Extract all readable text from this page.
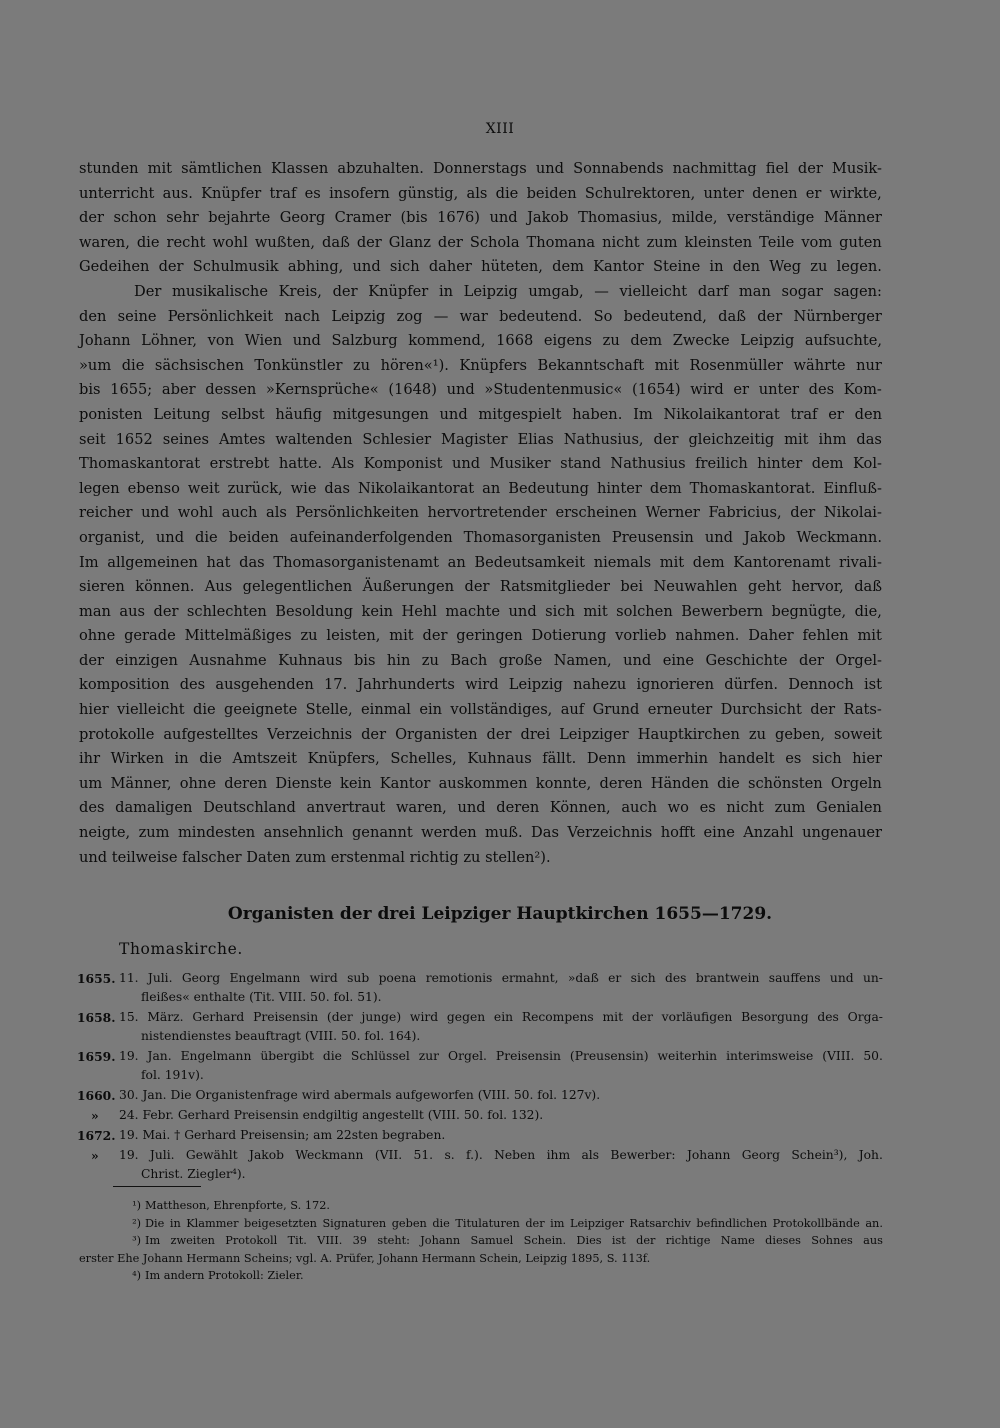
XIII
stunden mit sämtlichen Klassen abzuhalten. Donnerstags und Sonnabends nachmittag fiel der Musik-
unterricht aus. Knüpfer traf es insofern günstig, als die beiden Schulrektoren, unter denen er wirkte,
der schon sehr bejahrte Georg Cramer (bis 1676) und Jakob Thomasius, milde, verständige Männer
waren, die recht wohl wußten, daß der Glanz der Schola Thomana nicht zum kleinsten Teile vom guten
Gedeihen der Schulmusik abhing, und sich daher hüteten, dem Kantor Steine in den Weg zu legen.
Der musikalische Kreis, der Knüpfer in Leipzig umgab, — vielleicht darf man sogar sagen:
den seine Persönlichkeit nach Leipzig zog — war bedeutend. So bedeutend, daß der Nürnberger
Johann Löhner, von Wien und Salzburg kommend, 1668 eigens zu dem Zwecke Leipzig aufsuchte,
»um die sächsischen Tonkünstler zu hören«¹). Knüpfers Bekanntschaft mit Rosenmüller währte nur
bis 1655; aber dessen »Kernsprüche« (1648) und »Studentenmusic« (1654) wird er unter des Kom-
ponisten Leitung selbst häufig mitgesungen und mitgespielt haben. Im Nikolaikantorat traf er den
seit 1652 seines Amtes waltenden Schlesier Magister Elias Nathusius, der gleichzeitig mit ihm das
Thomaskantorat erstrebt hatte. Als Komponist und Musiker stand Nathusius freilich hinter dem Kol-
legen ebenso weit zurück, wie das Nikolaikantorat an Bedeutung hinter dem Thomaskantorat. Einfluß-
reicher und wohl auch als Persönlichkeiten hervortretender erscheinen Werner Fabricius, der Nikolai-
organist, und die beiden aufeinanderfolgenden Thomasorganisten Preusensin und Jakob Weckmann.
Im allgemeinen hat das Thomasorganistenamt an Bedeutsamkeit niemals mit dem Kantorenamt rivali-
sieren können. Aus gelegentlichen Äußerungen der Ratsmitglieder bei Neuwahlen geht hervor, daß
man aus der schlechten Besoldung kein Hehl machte und sich mit solchen Bewerbern begnügte, die,
ohne gerade Mittelmäßiges zu leisten, mit der geringen Dotierung vorlieb nahmen. Daher fehlen mit
der einzigen Ausnahme Kuhnaus bis hin zu Bach große Namen, und eine Geschichte der Orgel-
komposition des ausgehenden 17. Jahrhunderts wird Leipzig nahezu ignorieren dürfen. Dennoch ist
hier vielleicht die geeignete Stelle, einmal ein vollständiges, auf Grund erneuter Durchsicht der Rats-
protokolle aufgestelltes Verzeichnis der Organisten der drei Leipziger Hauptkirchen zu geben, soweit
ihr Wirken in die Amtszeit Knüpfers, Schelles, Kuhnaus fällt. Denn immerhin handelt es sich hier
um Männer, ohne deren Dienste kein Kantor auskommen konnte, deren Händen die schönsten Orgeln
des damaligen Deutschland anvertraut waren, und deren Können, auch wo es nicht zum Genialen
neigte, zum mindesten ansehnlich genannt werden muß. Das Verzeichnis hofft eine Anzahl ungenauer
und teilweise falscher Daten zum erstenmal richtig zu stellen²).
Organisten der drei Leipziger Hauptkirchen 1655—1729.
Thomaskirche.
1655. 11. Juli. Georg Engelmann wird sub poena remotionis ermahnt, »daß er sich des brantwein sauffens und un-
fleißes« enthalte (Tit. VIII. 50. fol. 51).
1658. 15. März. Gerhard Preisensin (der junge) wird gegen ein Recompens mit der vorläufigen Besorgung des Orga-
nistendienstes beauftragt (VIII. 50. fol. 164).
1659. 19. Jan. Engelmann übergibt die Schlüssel zur Orgel. Preisensin (Preusensin) weiterhin interimsweise (VIII. 50.
fol. 191v).
1660. 30. Jan. Die Organistenfrage wird abermals aufgeworfen (VIII. 50. fol. 127v).
»	24. Febr. Gerhard Preisensin endgiltig angestellt (VIII. 50. fol. 132).
1672. 19. Mai. † Gerhard Preisensin; am 22sten begraben.
»	19. Juli. Gewählt Jakob Weckmann (VII. 51. s. f.). Neben ihm als Bewerber: Johann Georg Schein³), Joh.
Christ. Ziegler⁴).
¹) Mattheson, Ehrenpforte, S. 172.
²) Die in Klammer beigesetzten Signaturen geben die Titulaturen der im Leipziger Ratsarchiv befindlichen Protokollbände an.
³) Im zweiten Protokoll Tit. VIII. 39 steht: Johann Samuel Schein. Dies ist der richtige Name dieses Sohnes aus
erster Ehe Johann Hermann Scheins; vgl. A. Prüfer, Johann Hermann Schein, Leipzig 1895, S. 113f.
⁴) Im andern Protokoll: Zieler.
